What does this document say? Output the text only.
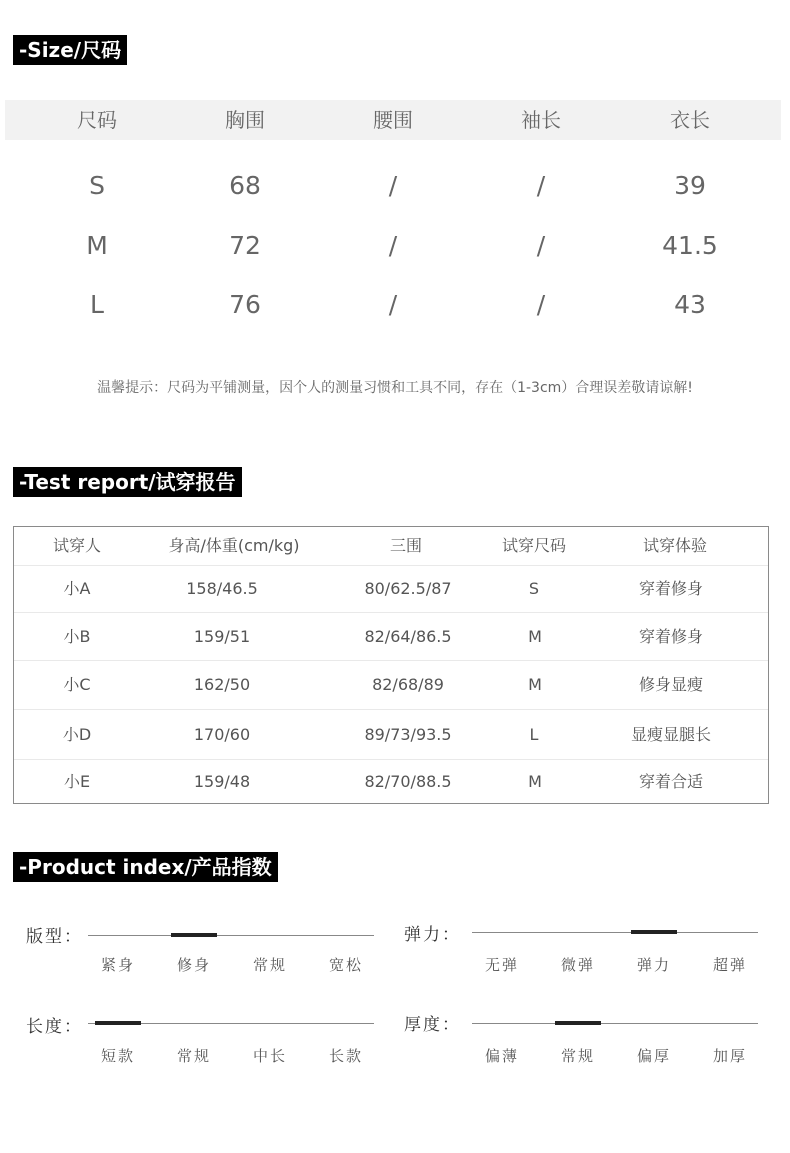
-Size/尺码
尺码	胸围	腰围	袖长	衣长
S	68	/	/	39
M	72	/	/	41.5
L	76	/	/	43
温馨提示：尺码为平铺测量，因个人的测量习惯和工具不同，存在（1-3cm）合理误差敬请谅解!
-Test report/试穿报告
试穿人	身高/体重(cm/kg)	三围	试穿尺码	试穿体验
小A	158/46.5	80/62.5/87	S	穿着修身
小B	159/51	82/64/86.5	M	穿着修身
小C	162/50	82/68/89	M	修身显瘦
小D	170/60	89/73/93.5	L	显瘦显腿长
小E	159/48	82/70/88.5	M	穿着合适
-Product index/产品指数
版型：
紧身	修身	常规	宽松
弹力：
无弹	微弹	弹力	超弹
长度：
短款	常规	中长	长款
厚度：
偏薄	常规	偏厚	加厚
